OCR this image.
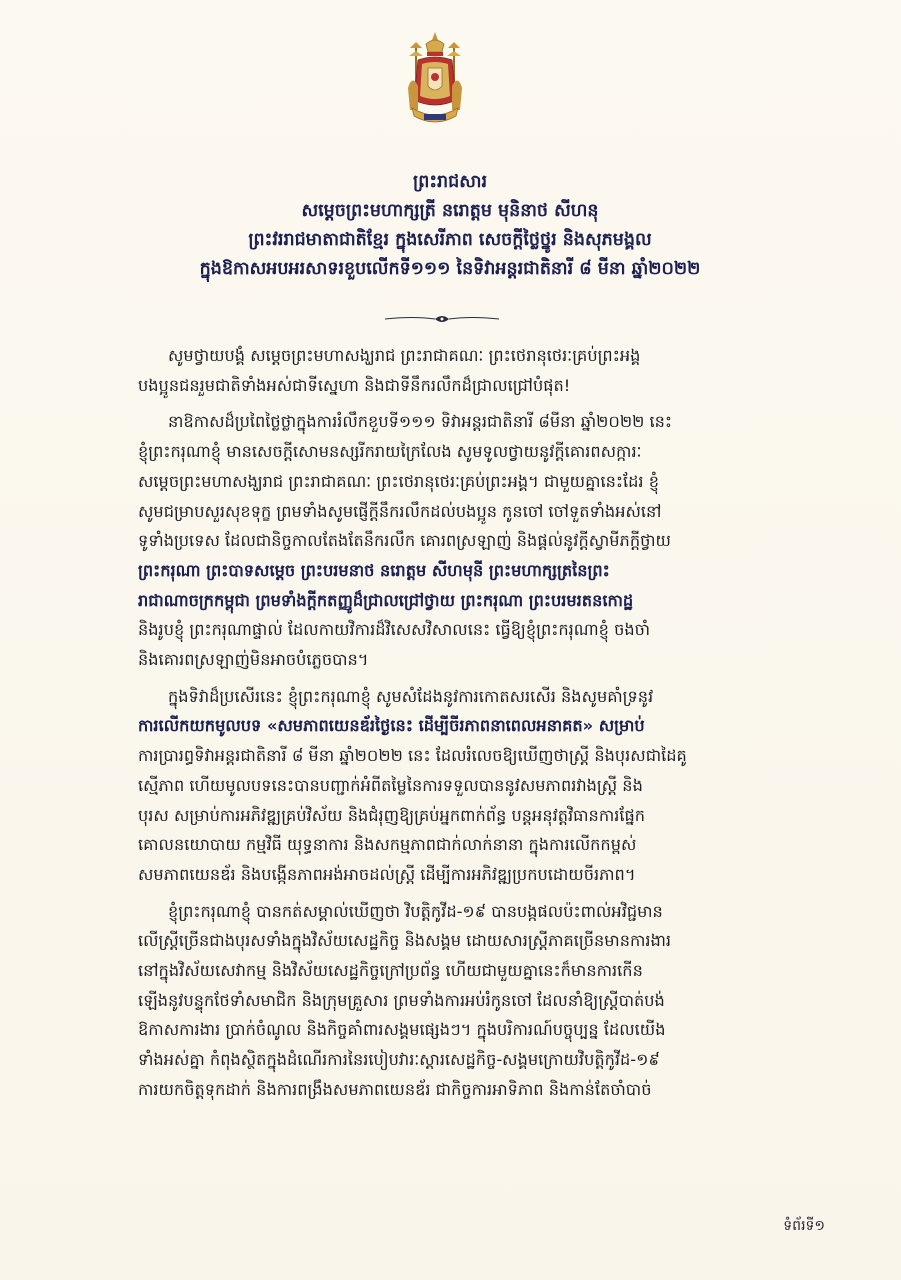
ព្រះរាជសារ
សម្តេចព្រះមហាក្សត្រី នរោត្តម មុនិនាថ សីហនុ
ព្រះវររាជមាតាជាតិខ្មែរ ក្នុងសេរីភាព សេចក្តីថ្លៃថ្នូរ និងសុភមង្គល
ក្នុងឱកាសអបអរសាទរខួបលើកទី១១១ នៃទិវាអន្តរជាតិនារី ៨ មីនា ឆ្នាំ២០២២

សូមថ្វាយបង្គំ សម្តេចព្រះមហាសង្ឃរាជ ព្រះរាជាគណៈ ព្រះថេរានុថេរៈគ្រប់ព្រះអង្គ
បងប្អូនជនរួមជាតិទាំងអស់ជាទីស្នេហា និងជាទីនឹករលឹកដ៏ជ្រាលជ្រៅបំផុត!

នាឱកាសដ៏ប្រពៃថ្លៃថ្លាក្នុងការរំលឹកខួបទី១១១ ទិវាអន្តរជាតិនារី ៨មីនា ឆ្នាំ២០២២ នេះ
ខ្ញុំព្រះករុណាខ្ញុំ មានសេចក្តីសោមនស្សរីករាយក្រៃលែង សូមទូលថ្វាយនូវក្តីគោរពសក្ការៈ
សម្តេចព្រះមហាសង្ឃរាជ ព្រះរាជាគណៈ ព្រះថេរានុថេរៈគ្រប់ព្រះអង្គ។ ជាមួយគ្នានេះដែរ ខ្ញុំ
សូមជម្រាបសួរសុខទុក្ខ ព្រមទាំងសូមផ្ញើក្តីនឹករលឹកដល់បងប្អូន កូនចៅ ចៅទួតទាំងអស់នៅ
ទូទាំងប្រទេស ដែលជានិច្ចកាលតែងតែនឹករលឹក គោរពស្រឡាញ់ និងផ្តល់នូវក្តីស្វាមីភក្តីថ្វាយ
ព្រះករុណា ព្រះបាទសម្តេច ព្រះបរមនាថ នរោត្តម សីហមុនី ព្រះមហាក្សត្រនៃព្រះ
រាជាណាចក្រកម្ពុជា ព្រមទាំងក្តីកតញ្ញូដ៏ជ្រាលជ្រៅថ្វាយ ព្រះករុណា ព្រះបរមរតនកោដ្ឋ
និងរូបខ្ញុំ ព្រះករុណាផ្ទាល់ ដែលកាយវិការដ៏វិសេសវិសាលនេះ ធ្វើឱ្យខ្ញុំព្រះករុណាខ្ញុំ ចងចាំ
និងគោរពស្រឡាញ់មិនអាចបំភ្លេចបាន។

ក្នុងទិវាដ៏ប្រសើរនេះ ខ្ញុំព្រះករុណាខ្ញុំ សូមសំដែងនូវការកោតសរសើរ និងសូមគាំទ្រនូវ
ការលើកយកមូលបទ «សមភាពយេនឌ័រថ្ងៃនេះ ដើម្បីចីរភាពនាពេលអនាគត» សម្រាប់
ការប្រារព្ធទិវាអន្តរជាតិនារី ៨ មីនា ឆ្នាំ២០២២ នេះ ដែលរំលេចឱ្យឃើញថាស្ត្រី និងបុរសជាដៃគូ
ស្មើភាព ហើយមូលបទនេះបានបញ្ជាក់អំពីតម្លៃនៃការទទួលបាននូវសមភាពរវាងស្ត្រី និង
បុរស សម្រាប់ការអភិវឌ្ឍគ្រប់វិស័យ និងជំរុញឱ្យគ្រប់អ្នកពាក់ព័ន្ធ បន្តអនុវត្តវិធានការផ្នែក
គោលនយោបាយ កម្មវិធី យុទ្ធនាការ និងសកម្មភាពជាក់លាក់នានា ក្នុងការលើកកម្ពស់
សមភាពយេនឌ័រ និងបង្កើនភាពអង់អាចដល់ស្ត្រី ដើម្បីការអភិវឌ្ឍប្រកបដោយចីរភាព។

ខ្ញុំព្រះករុណាខ្ញុំ បានកត់សម្គាល់ឃើញថា វិបត្តិកូវីដ-១៩ បានបង្កផលប៉ះពាល់អវិជ្ជមាន
លើស្ត្រីច្រើនជាងបុរសទាំងក្នុងវិស័យសេដ្ឋកិច្ច និងសង្គម ដោយសារស្ត្រីភាគច្រើនមានការងារ
នៅក្នុងវិស័យសេវាកម្ម និងវិស័យសេដ្ឋកិច្ចក្រៅប្រព័ន្ធ ហើយជាមួយគ្នានេះក៏មានការកើន
ឡើងនូវបន្ទុកថែទាំសមាជិក និងក្រុមគ្រួសារ ព្រមទាំងការអប់រំកូនចៅ ដែលនាំឱ្យស្ត្រីបាត់បង់
ឱកាសការងារ ប្រាក់ចំណូល និងកិច្ចគាំពារសង្គមផ្សេងៗ។ ក្នុងបរិការណ៍បច្ចុប្បន្ន ដែលយើង
ទាំងអស់គ្នា កំពុងស្ថិតក្នុងដំណើរការនៃរបៀបវារៈស្តារសេដ្ឋកិច្ច-សង្គមក្រោយវិបត្តិកូវីដ-១៩
ការយកចិត្តទុកដាក់ និងការពង្រឹងសមភាពយេនឌ័រ ជាកិច្ចការអាទិភាព និងកាន់តែចាំបាច់

ទំព័រទី១
